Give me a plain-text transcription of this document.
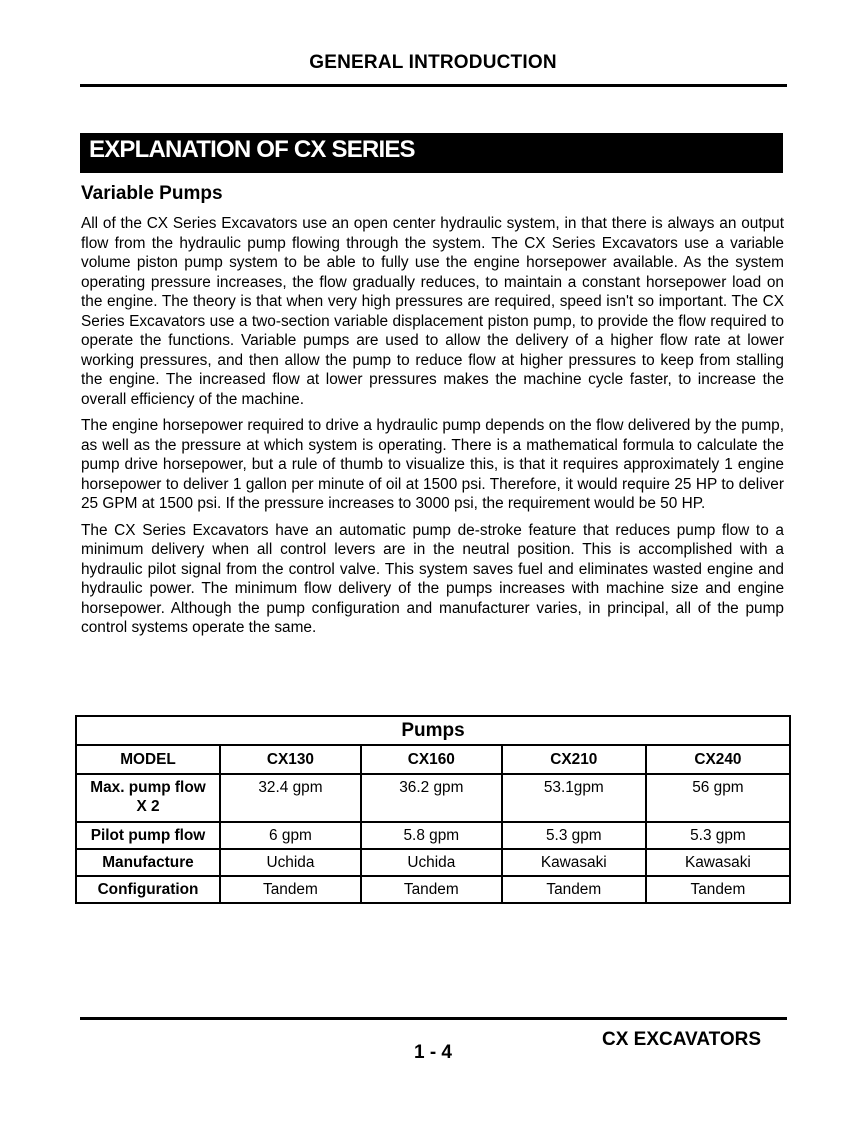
GENERAL INTRODUCTION
EXPLANATION OF CX SERIES
Variable Pumps

All of the CX Series Excavators use an open center hydraulic system, in that there is always an output flow from the hydraulic pump flowing through the system. The CX Series Excavators use a variable volume piston pump system to be able to fully use the engine horsepower available. As the system operating pressure increases, the flow gradually reduces, to maintain a constant horsepower load on the engine. The theory is that when very high pressures are required, speed isn't so important. The CX Series Excavators use a two-section variable displacement piston pump, to provide the flow required to operate the functions. Variable pumps are used to allow the delivery of a higher flow rate at lower working pressures, and then allow the pump to reduce flow at higher pressures to keep from stalling the engine. The increased flow at lower pressures makes the machine cycle faster, to increase the overall efficiency of the machine.

The engine horsepower required to drive a hydraulic pump depends on the flow delivered by the pump, as well as the pressure at which system is operating. There is a mathematical formula to calculate the pump drive horsepower, but a rule of thumb to visualize this, is that it requires approximately 1 engine horsepower to deliver 1 gallon per minute of oil at 1500 psi. Therefore, it would require 25 HP to deliver 25 GPM at 1500 psi. If the pressure increases to 3000 psi, the requirement would be 50 HP.

The CX Series Excavators have an automatic pump de-stroke feature that reduces pump flow to a minimum delivery when all control levers are in the neutral position. This is accomplished with a hydraulic pilot signal from the control valve. This system saves fuel and eliminates wasted engine and hydraulic power. The minimum flow delivery of the pumps increases with machine size and engine horsepower. Although the pump configuration and manufacturer varies, in principal, all of the pump control systems operate the same.

Pumps				
MODEL	CX130	CX160	CX210	CX240
Max. pump flow X 2	32.4 gpm	36.2 gpm	53.1gpm	56 gpm
Pilot pump flow	6 gpm	5.8 gpm	5.3 gpm	5.3 gpm
Manufacture	Uchida	Uchida	Kawasaki	Kawasaki
Configuration	Tandem	Tandem	Tandem	Tandem
CX EXCAVATORS
1 - 4
